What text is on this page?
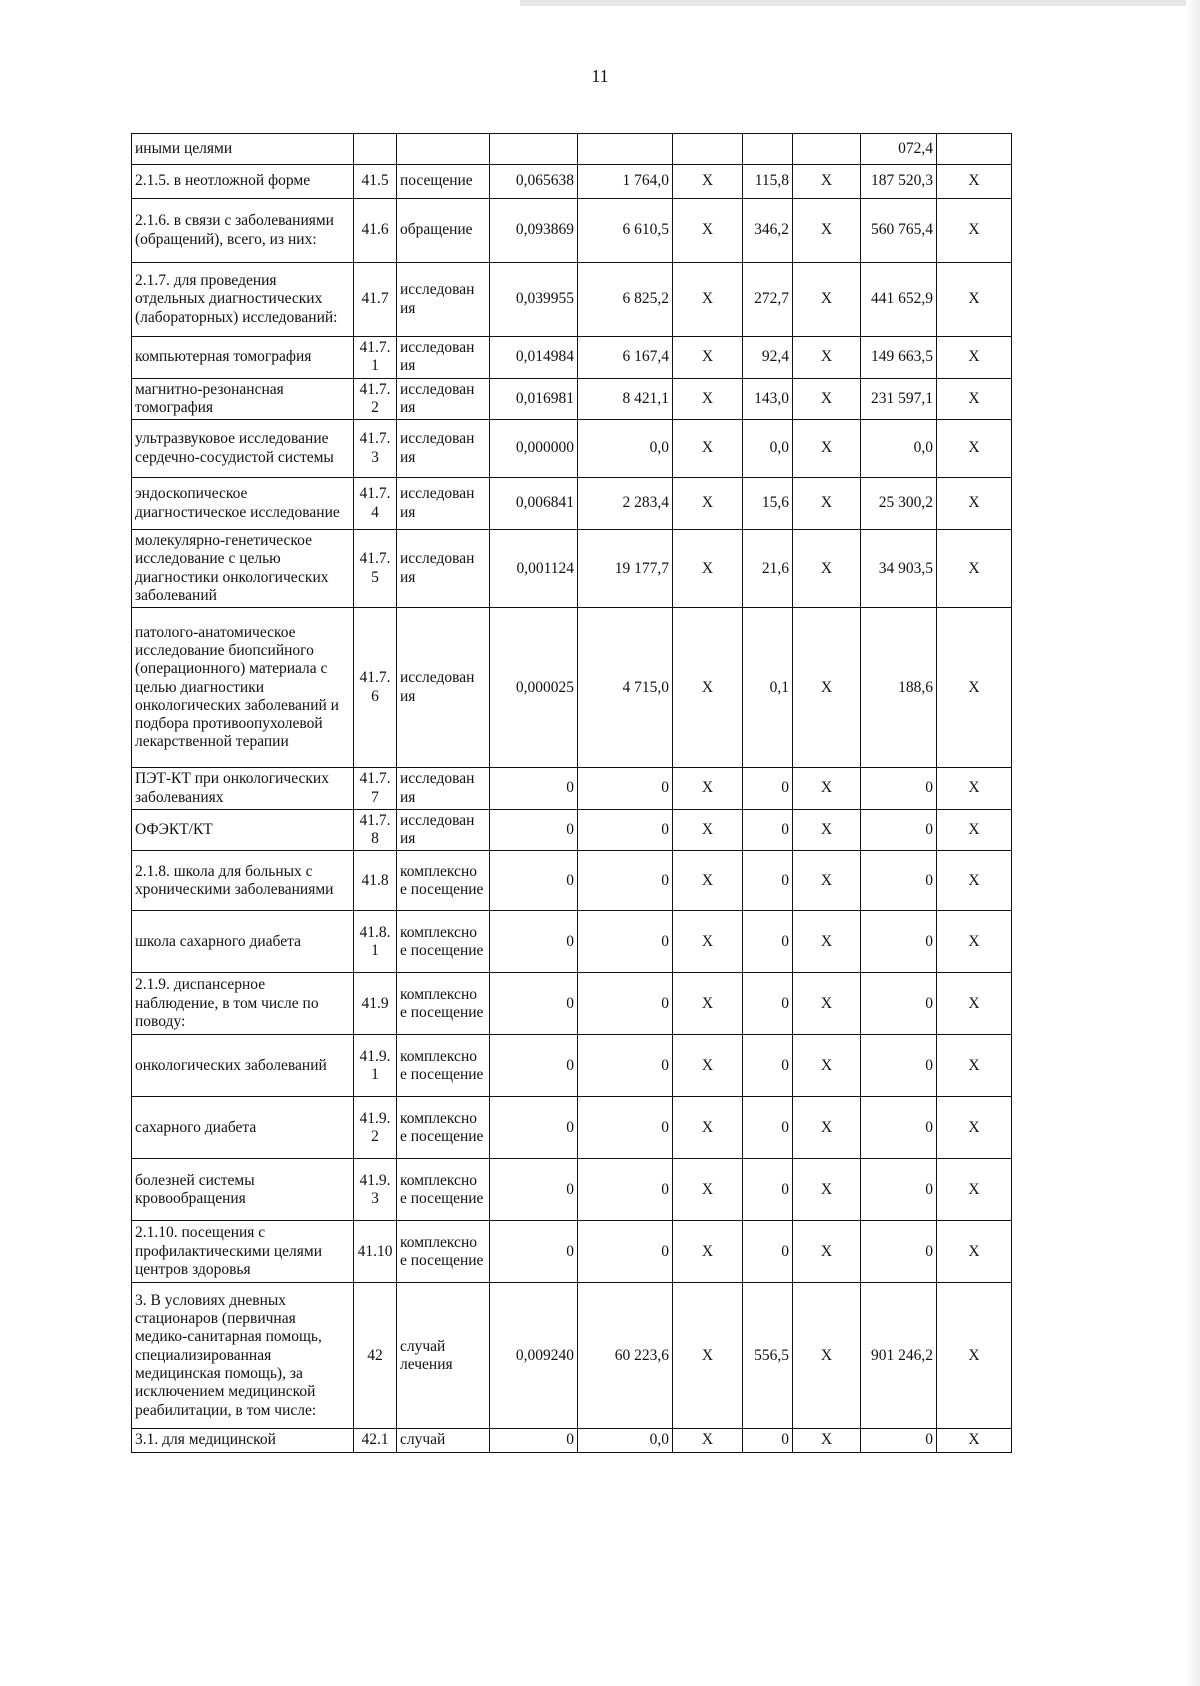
11
иными целями								072,4	
2.1.5. в неотложной форме	41.5	посещение	0,065638	1 764,0	X	115,8	X	187 520,3	X
2.1.6. в связи с заболеваниями (обращений), всего, из них:	41.6	обращение	0,093869	6 610,5	X	346,2	X	560 765,4	X
2.1.7. для проведения отдельных диагностических (лабораторных) исследований:	41.7	исследован ия	0,039955	6 825,2	X	272,7	X	441 652,9	X
компьютерная томография	41.7. 1	исследован ия	0,014984	6 167,4	X	92,4	X	149 663,5	X
магнитно-резонансная томография	41.7. 2	исследован ия	0,016981	8 421,1	X	143,0	X	231 597,1	X
ультразвуковое исследование сердечно-сосудистой системы	41.7. 3	исследован ия	0,000000	0,0	X	0,0	X	0,0	X
эндоскопическое диагностическое исследование	41.7. 4	исследован ия	0,006841	2 283,4	X	15,6	X	25 300,2	X
молекулярно-генетическое исследование с целью диагностики онкологических заболеваний	41.7. 5	исследован ия	0,001124	19 177,7	X	21,6	X	34 903,5	X
патолого-анатомическое исследование биопсийного (операционного) материала с целью диагностики онкологических заболеваний и подбора противоопухолевой лекарственной терапии	41.7. 6	исследован ия	0,000025	4 715,0	X	0,1	X	188,6	X
ПЭТ-КТ при онкологических заболеваниях	41.7. 7	исследован ия	0	0	X	0	X	0	X
ОФЭКТ/КТ	41.7. 8	исследован ия	0	0	X	0	X	0	X
2.1.8. школа для больных с хроническими заболеваниями	41.8	комплексно е посещение	0	0	X	0	X	0	X
школа сахарного диабета	41.8. 1	комплексно е посещение	0	0	X	0	X	0	X
2.1.9. диспансерное наблюдение, в том числе по поводу:	41.9	комплексно е посещение	0	0	X	0	X	0	X
онкологических заболеваний	41.9. 1	комплексно е посещение	0	0	X	0	X	0	X
сахарного диабета	41.9. 2	комплексно е посещение	0	0	X	0	X	0	X
болезней системы кровообращения	41.9. 3	комплексно е посещение	0	0	X	0	X	0	X
2.1.10. посещения с профилактическими целями центров здоровья	41.10	комплексно е посещение	0	0	X	0	X	0	X
3. В условиях дневных стационаров (первичная медико-санитарная помощь, специализированная медицинская помощь), за исключением медицинской реабилитации, в том числе:	42	случай лечения	0,009240	60 223,6	X	556,5	X	901 246,2	X
3.1. для медицинской	42.1	случай	0	0,0	X	0	X	0	X
